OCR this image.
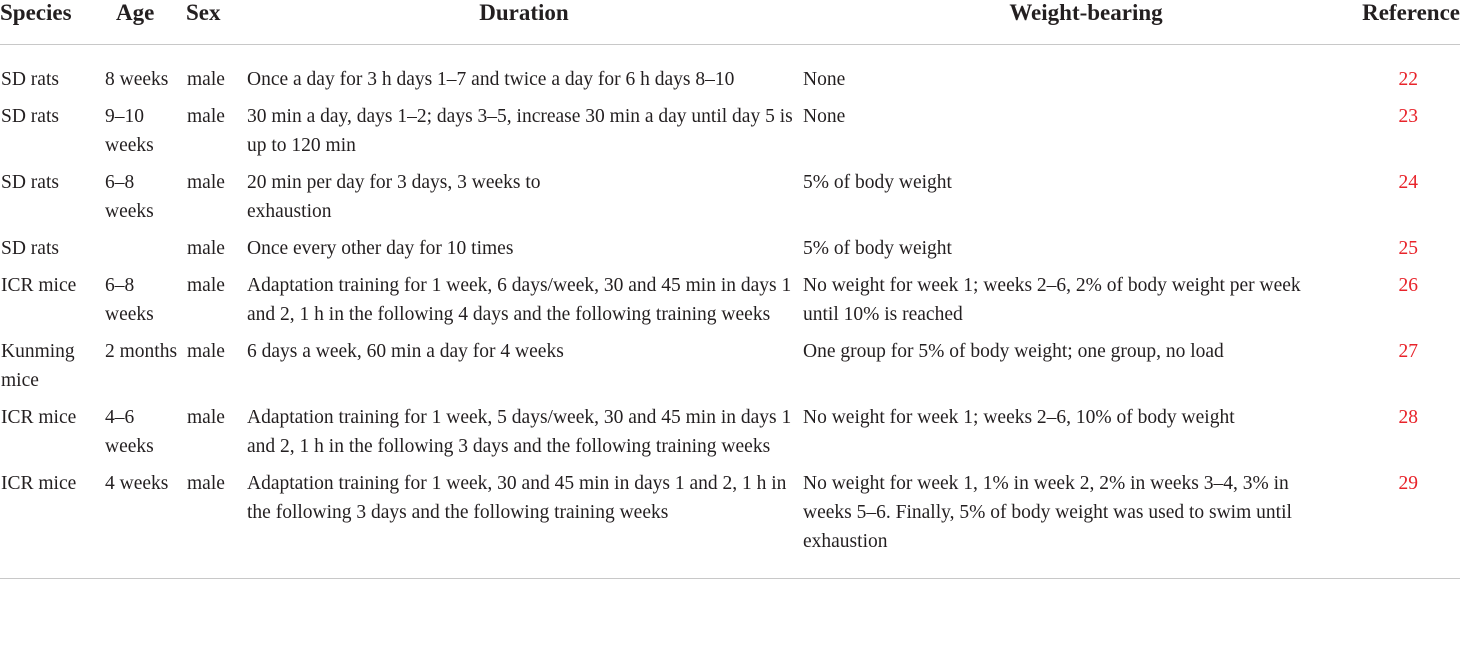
Species	Age	Sex	Duration	Weight-bearing	Reference
SD rats	8 weeks	male	Once a day for 3 h days 1–7 and twice a day for 6 h days 8–10	None	22
SD rats	9–10 weeks	male	30 min a day, days 1–2; days 3–5, increase 30 min a day until day 5 is up to 120 min	None	23
SD rats	6–8 weeks	male	20 min per day for 3 days, 3 weeks to exhaustion	5% of body weight	24
SD rats		male	Once every other day for 10 times	5% of body weight	25
ICR mice	6–8 weeks	male	Adaptation training for 1 week, 6 days/week, 30 and 45 min in days 1 and 2, 1 h in the following 4 days and the following training weeks	No weight for week 1; weeks 2–6, 2% of body weight per week until 10% is reached	26
Kunming mice	2 months	male	6 days a week, 60 min a day for 4 weeks	One group for 5% of body weight; one group, no load	27
ICR mice	4–6 weeks	male	Adaptation training for 1 week, 5 days/week, 30 and 45 min in days 1 and 2, 1 h in the following 3 days and the following training weeks	No weight for week 1; weeks 2–6, 10% of body weight	28
ICR mice	4 weeks	male	Adaptation training for 1 week, 30 and 45 min in days 1 and 2, 1 h in the following 3 days and the following training weeks	No weight for week 1, 1% in week 2, 2% in weeks 3–4, 3% in weeks 5–6. Finally, 5% of body weight was used to swim until exhaustion	29
